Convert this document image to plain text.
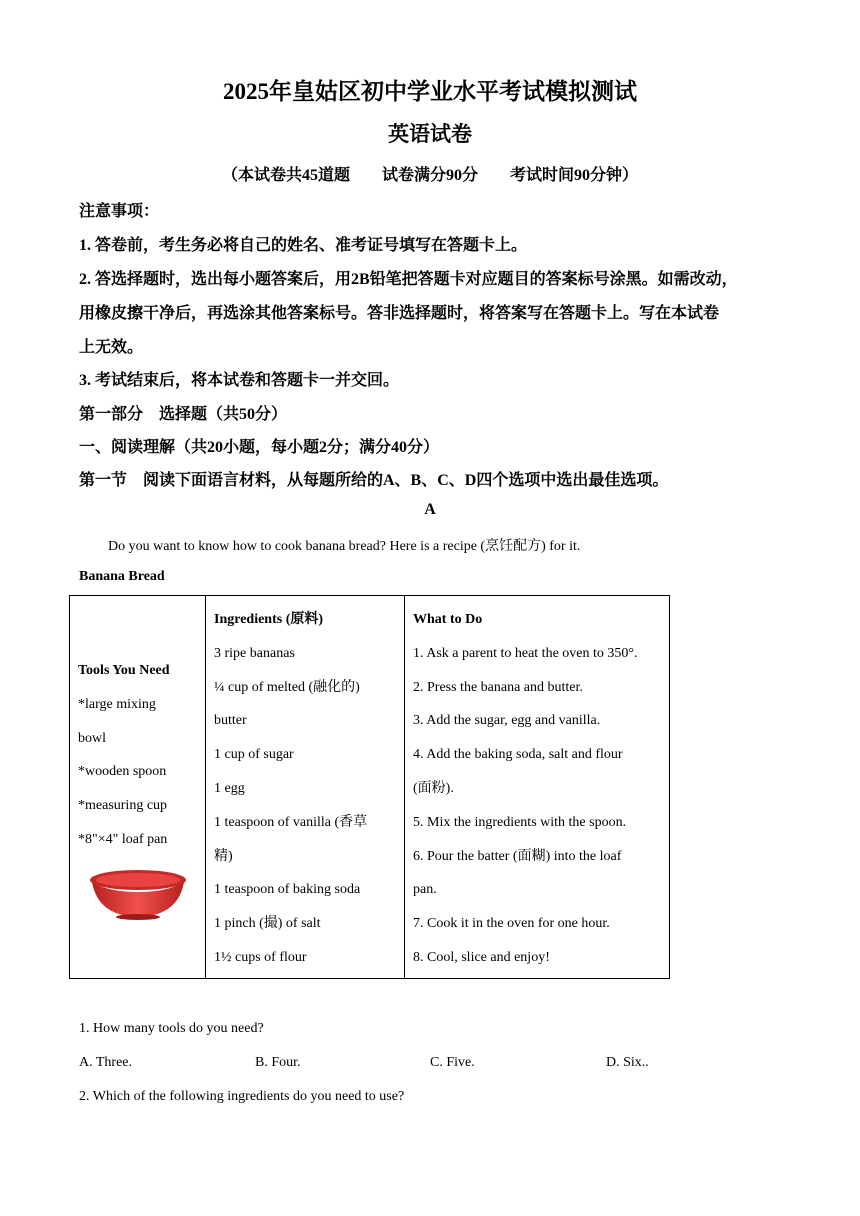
2025年皇姑区初中学业水平考试模拟测试
英语试卷
（本试卷共45道题        试卷满分90分        考试时间90分钟）
注意事项：
1. 答卷前，考生务必将自己的姓名、准考证号填写在答题卡上。
2. 答选择题时，选出每小题答案后，用2B铅笔把答题卡对应题目的答案标号涂黑。如需改动，
用橡皮擦干净后，再选涂其他答案标号。答非选择题时，将答案写在答题卡上。写在本试卷
上无效。
3. 考试结束后，将本试卷和答题卡一并交回。
第一部分    选择题（共50分）
一、阅读理解（共20小题，每小题2分；满分40分）
第一节    阅读下面语言材料，从每题所给的A、B、C、D四个选项中选出最佳选项。
A
Do you want to know how to cook banana bread? Here is a recipe (烹饪配方) for it.
Banana Bread
Tools You Need
*large mixing
bowl
*wooden spoon
*measuring cup
*8"×4" loaf pan

Ingredients (原料)
3 ripe bananas
¼ cup of melted (融化的)
butter
1 cup of sugar
1 egg
1 teaspoon of vanilla (香草
精)
1 teaspoon of baking soda
1 pinch (撮) of salt
1½ cups of flour

What to Do
1. Ask a parent to heat the oven to 350°.
2. Press the banana and butter.
3. Add the sugar, egg and vanilla.
4. Add the baking soda, salt and flour
(面粉).
5. Mix the ingredients with the spoon.
6. Pour the batter (面糊) into the loaf
pan.
7. Cook it in the oven for one hour.
8. Cool, slice and enjoy!
1. How many tools do you need?
A. Three.	B. Four.	C. Five.	D. Six..
2. Which of the following ingredients do you need to use?
